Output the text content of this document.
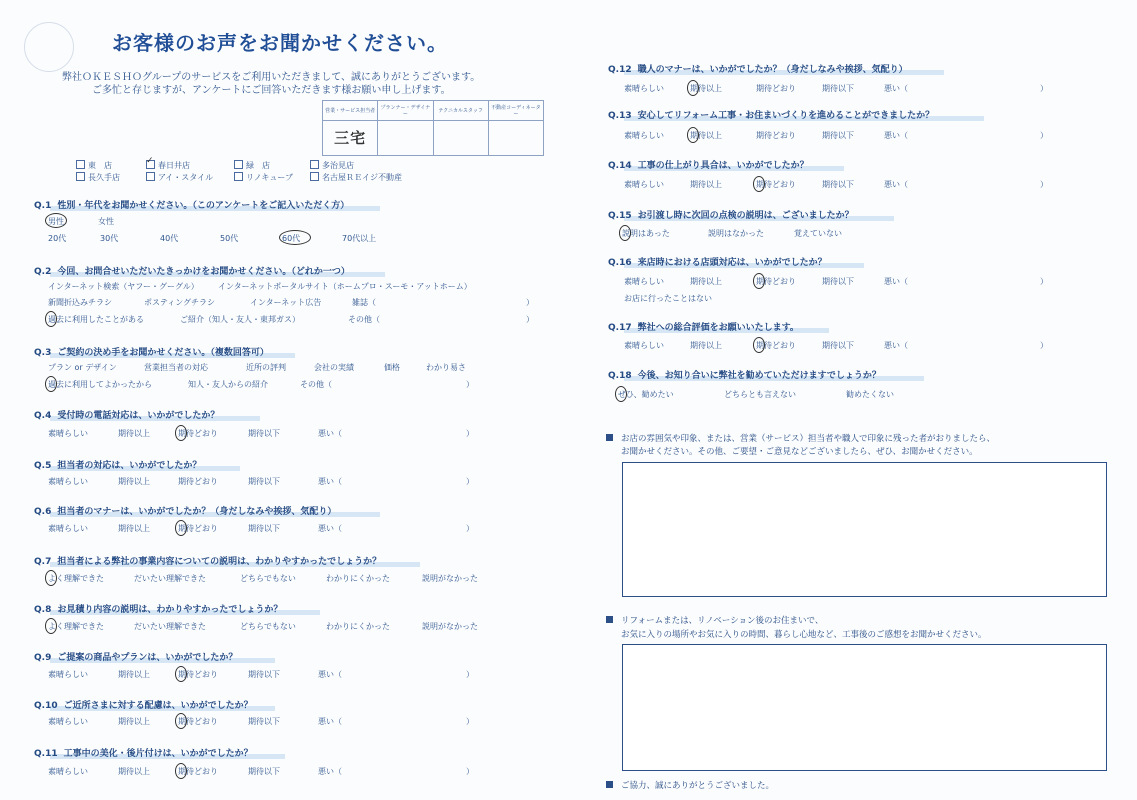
お客様のお声をお聞かせください。
弊社ＯＫＥＳＨＯグループのサービスをご利用いただきまして、誠にありがとうございます。
ご多忙と存じますが、アンケートにご回答いただきます様お願い申し上げます。
営業・サービス担当者	プランナー・デザイナー	テクニカルスタッフ	不動産コーディネーター
三宅			
東　店 ✓	春日井店	緑　店	多治見店
長久手店	アイ・スタイル	リノキューブ	名古屋ＲＥイジ不動産
Q.1 性別・年代をお聞かせください。（このアンケートをご記入いただく方）
男性	女性
20代	30代	40代	50代	60代	70代以上
Q.2 今回、お問合せいただいたきっかけをお聞かせください。（どれか一つ）
インターネット検索（ヤフー・グーグル） インターネットポータルサイト（ホームプロ・スーモ・アットホーム）
新聞折込みチラシ	ポスティングチラシ	インターネット広告	雑誌（	）
過去に利用したことがある	ご紹介（知人・友人・東邦ガス）	その他（	）
Q.3 ご契約の決め手をお聞かせください。（複数回答可）
プラン or デザイン	営業担当者の対応	近所の評判	会社の実績	価格	わかり易さ
過去に利用してよかったから	知人・友人からの紹介	その他（	）
Q.4 受付時の電話対応は、いかがでしたか？
素晴らしい	期待以上	期待どおり	期待以下	悪い（	）
Q.5 担当者の対応は、いかがでしたか？
素晴らしい	期待以上	期待どおり	期待以下	悪い（	）
Q.6 担当者のマナーは、いかがでしたか？（身だしなみや挨拶、気配り）
素晴らしい	期待以上	期待どおり	期待以下	悪い（	）
Q.7 担当者による弊社の事業内容についての説明は、わかりやすかったでしょうか？
よく理解できた	だいたい理解できた	どちらでもない	わかりにくかった	説明がなかった
Q.8 お見積り内容の説明は、わかりやすかったでしょうか？
よく理解できた	だいたい理解できた	どちらでもない	わかりにくかった	説明がなかった
Q.9 ご提案の商品やプランは、いかがでしたか？
素晴らしい	期待以上	期待どおり	期待以下	悪い（	）
Q.10 ご近所さまに対する配慮は、いかがでしたか？
素晴らしい	期待以上	期待どおり	期待以下	悪い（	）
Q.11 工事中の美化・後片付けは、いかがでしたか？
素晴らしい	期待以上	期待どおり	期待以下	悪い（	）
Q.12 職人のマナーは、いかがでしたか？（身だしなみや挨拶、気配り）
素晴らしい	期待以上	期待どおり	期待以下	悪い（	）
Q.13 安心してリフォーム工事・お住まいづくりを進めることができましたか？
素晴らしい	期待以上	期待どおり	期待以下	悪い（	）
Q.14 工事の仕上がり具合は、いかがでしたか？
素晴らしい	期待以上	期待どおり	期待以下	悪い（	）
Q.15 お引渡し時に次回の点検の説明は、ございましたか？
説明はあった	説明はなかった	覚えていない
Q.16 来店時における店頭対応は、いかがでしたか？
素晴らしい	期待以上	期待どおり	期待以下	悪い（	）
お店に行ったことはない
Q.17 弊社への総合評価をお願いいたします。
素晴らしい	期待以上	期待どおり	期待以下	悪い（	）
Q.18 今後、お知り合いに弊社を勧めていただけますでしょうか？
ぜひ、勧めたい	どちらとも言えない	勧めたくない
お店の雰囲気や印象、または、営業（サービス）担当者や職人で印象に残った者がおりましたら、
お聞かせください。その他、ご要望・ご意見などございましたら、ぜひ、お聞かせください。
リフォームまたは、リノベーション後のお住まいで、
お気に入りの場所やお気に入りの時間、暮らし心地など、工事後のご感想をお聞かせください。
ご協力、誠にありがとうございました。
